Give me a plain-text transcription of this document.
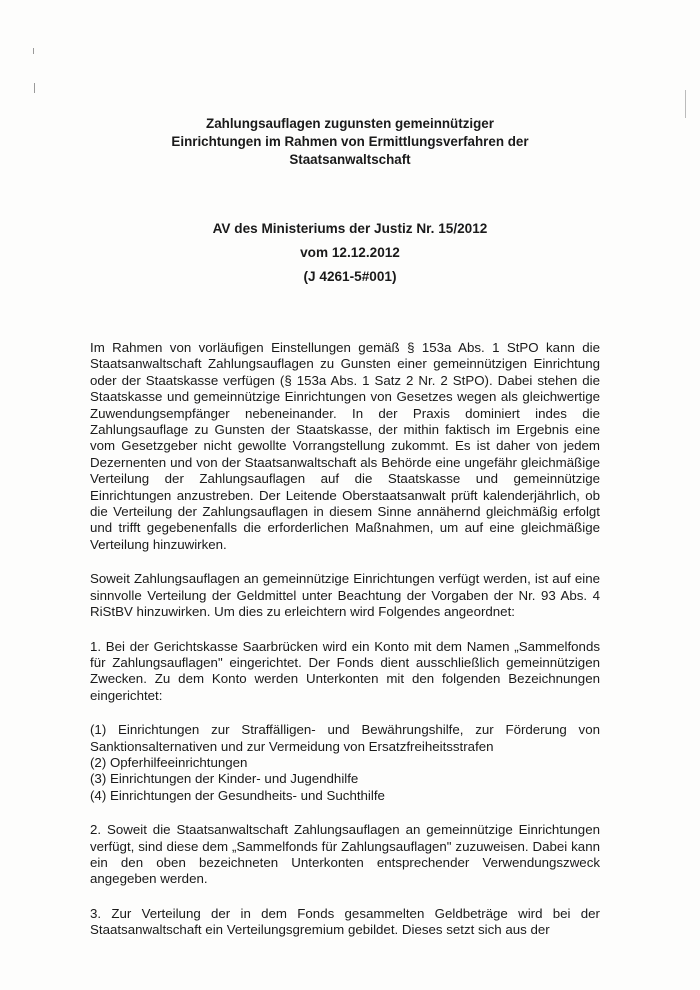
Zahlungsauflagen zugunsten gemeinnütziger
Einrichtungen im Rahmen von Ermittlungsverfahren der
Staatsanwaltschaft
AV des Ministeriums der Justiz Nr. 15/2012
vom 12.12.2012
(J 4261-5#001)

Im Rahmen von vorläufigen Einstellungen gemäß § 153a Abs. 1 StPO kann die Staatsanwaltschaft Zahlungsauflagen zu Gunsten einer gemeinnützigen Einrichtung oder der Staatskasse verfügen (§ 153a Abs. 1 Satz 2 Nr. 2 StPO). Dabei stehen die Staatskasse und gemeinnützige Einrichtungen von Gesetzes wegen als gleichwertige Zuwendungsempfänger nebeneinander. In der Praxis dominiert indes die Zahlungsauflage zu Gunsten der Staatskasse, der mithin faktisch im Ergebnis eine vom Gesetzgeber nicht gewollte Vorrangstellung zukommt. Es ist daher von jedem Dezernenten und von der Staatsanwaltschaft als Behörde eine ungefähr gleichmäßige Verteilung der Zahlungsauflagen auf die Staatskasse und gemeinnützige Einrichtungen anzustreben. Der Leitende Oberstaatsanwalt prüft kalenderjährlich, ob die Verteilung der Zahlungsauflagen in diesem Sinne annähernd gleichmäßig erfolgt und trifft gegebenenfalls die erforderlichen Maßnahmen, um auf eine gleichmäßige Verteilung hinzuwirken.

Soweit Zahlungsauflagen an gemeinnützige Einrichtungen verfügt werden, ist auf eine sinnvolle Verteilung der Geldmittel unter Beachtung der Vorgaben der Nr. 93 Abs. 4 RiStBV hinzuwirken. Um dies zu erleichtern wird Folgendes angeordnet:

1. Bei der Gerichtskasse Saarbrücken wird ein Konto mit dem Namen „Sammelfonds für Zahlungsauflagen" eingerichtet. Der Fonds dient ausschließlich gemeinnützigen Zwecken. Zu dem Konto werden Unterkonten mit den folgenden Bezeichnungen eingerichtet:

(1) Einrichtungen zur Straffälligen- und Bewährungshilfe, zur Förderung von Sanktionsalternativen und zur Vermeidung von Ersatzfreiheitsstrafen
(2) Opferhilfeeinrichtungen
(3) Einrichtungen der Kinder- und Jugendhilfe
(4) Einrichtungen der Gesundheits- und Suchthilfe

2. Soweit die Staatsanwaltschaft Zahlungsauflagen an gemeinnützige Einrichtungen verfügt, sind diese dem „Sammelfonds für Zahlungsauflagen" zuzuweisen. Dabei kann ein den oben bezeichneten Unterkonten entsprechender Verwendungszweck angegeben werden.

3. Zur Verteilung der in dem Fonds gesammelten Geldbeträge wird bei der Staatsanwaltschaft ein Verteilungsgremium gebildet. Dieses setzt sich aus der
